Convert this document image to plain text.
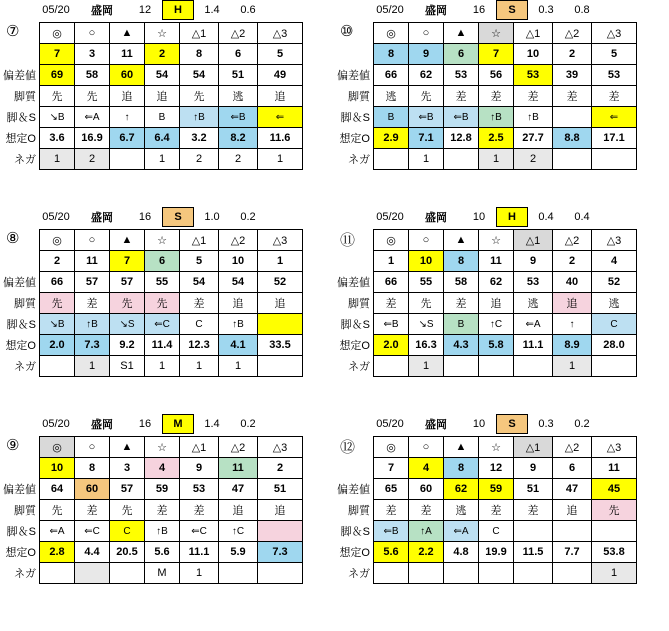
05/20	盛岡	12	H	1.4	0.6
	◎	○	▲	☆	△1	△2	△3
	7	3	11	2	8	6	5
偏差値	69	58	60	54	54	51	49
脚質	先	先	追	追	先	逃	追
脚＆S	↘B	⇐A	↑	B	↑B	⇐B	⇐
想定O	3.6	16.9	6.7	6.4	3.2	8.2	11.6
ネガ	1	2		1	2	2	1
⑦
05/20	盛岡	16	S	0.3	0.8
	◎	○	▲	☆	△1	△2	△3
	8	9	6	7	10	2	5
偏差値	66	62	53	56	53	39	53
脚質	逃	先	差	差	差	差	差
脚＆S	B	⇐B	⇐B	↑B	↑B		⇐
想定O	2.9	7.1	12.8	2.5	27.7	8.8	17.1
ネガ		1		1	2		
⑩
05/20	盛岡	16	S	1.0	0.2
	◎	○	▲	☆	△1	△2	△3
	2	11	7	6	5	10	1
偏差値	66	57	57	55	54	54	52
脚質	先	差	先	先	差	追	追
脚＆S	↘B	↑B	↘S	⇐C	C	↑B	
想定O	2.0	7.3	9.2	11.4	12.3	4.1	33.5
ネガ		1	S1	1	1	1	
⑧
05/20	盛岡	10	H	0.4	0.4
	◎	○	▲	☆	△1	△2	△3
	1	10	8	11	9	2	4
偏差値	66	55	58	62	53	40	52
脚質	差	先	差	追	逃	追	逃
脚＆S	⇐B	↘S	B	↑C	⇐A	↑	C
想定O	2.0	16.3	4.3	5.8	11.1	8.9	28.0
ネガ		1				1	
⑪
05/20	盛岡	16	M	1.4	0.2
	◎	○	▲	☆	△1	△2	△3
	10	8	3	4	9	11	2
偏差値	64	60	57	59	53	47	51
脚質	先	差	先	差	差	追	追
脚＆S	⇐A	⇐C	C	↑B	⇐C	↑C	
想定O	2.8	4.4	20.5	5.6	11.1	5.9	7.3
ネガ				M	1		
⑨
05/20	盛岡	10	S	0.3	0.2
	◎	○	▲	☆	△1	△2	△3
	7	4	8	12	9	6	11
偏差値	65	60	62	59	51	47	45
脚質	差	差	逃	差	差	追	先
脚＆S	⇐B	↑A	⇐A	C			
想定O	5.6	2.2	4.8	19.9	11.5	7.7	53.8
ネガ							1
⑫
